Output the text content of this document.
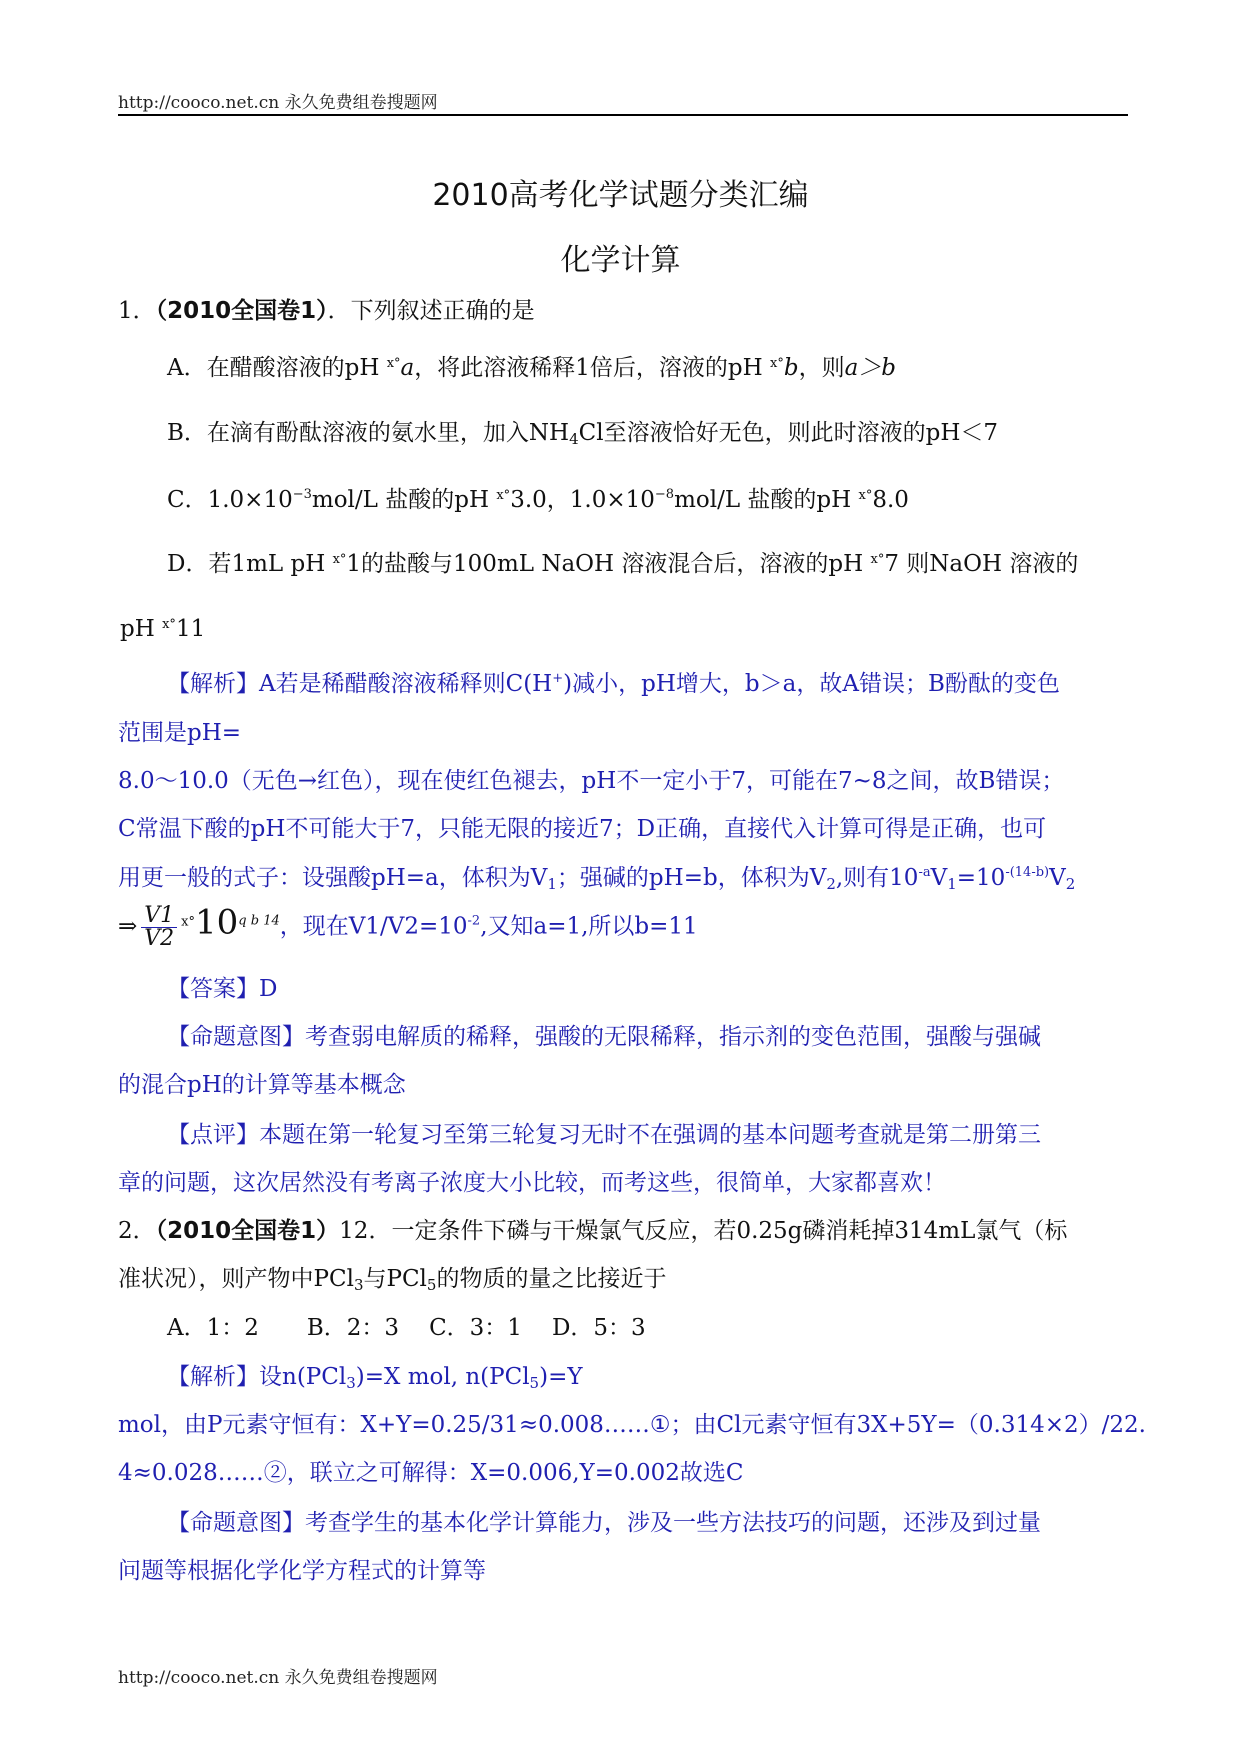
http://cooco.net.cn 永久免费组卷搜题网
2010高考化学试题分类汇编
化学计算
1．（2010全国卷1）．下列叙述正确的是
A．在醋酸溶液的pH $^{x^\circ}$a，将此溶液稀释1倍后，溶液的pH $^{x^\circ}$b，则a＞b
B．在滴有酚酞溶液的氨水里，加入$NH_4Cl$至溶液恰好无色，则此时溶液的pH＜7
C．$1.0\times 10^{-3}mol/L$ 盐酸的pH $^{x^\circ}$3.0，$1.0\times 10^{-8}mol/L$ 盐酸的pH $^{x^\circ}$8.0
D．若1mL pH $^{x^\circ}$1的盐酸与100mL NaOH 溶液混合后，溶液的pH $^{x^\circ}$7 则NaOH 溶液的
pH $^{x^\circ}$11
【解析】A若是稀醋酸溶液稀释则C(H+)减小，pH增大，b＞a，故A错误；B酚酞的变色
范围是pH=
8.0～10.0（无色→红色），现在使红色褪去，pH不一定小于7，可能在7~8之间，故B错误；
C常温下酸的pH不可能大于7，只能无限的接近7；D正确，直接代入计算可得是正确，也可
用更一般的式子：设强酸pH=a，体积为$V_1$；强碱的pH=b，体积为$V_2$,则有$10^{-a}V_1=10^{-(14-b)}V_2$
⇒ $\frac{V1}{V2} ^{x^\circ}10^{q b 14}$，现在$V1/V2=10^{-2}$,又知a=1,所以b=11
【答案】D
【命题意图】考查弱电解质的稀释，强酸的无限稀释，指示剂的变色范围，强酸与强碱
的混合pH的计算等基本概念
【点评】本题在第一轮复习至第三轮复习无时不在强调的基本问题考查就是第二册第三
章的问题，这次居然没有考离子浓度大小比较，而考这些，很简单，大家都喜欢！
2．（2010全国卷1）12．一定条件下磷与干燥氯气反应，若0.25g磷消耗掉314mL氯气（标
准状况），则产物中PCl$_3$与PCl$_5$的物质的量之比接近于
A．1：2 B．2：3 C．3：1 D．5：3
【解析】设n(PCl$_3$)=X mol, n(PCl$_5$)=Y
mol，由P元素守恒有：X+Y=0.25/31≈0.008……①；由Cl元素守恒有3X+5Y=（0.314×2）/22.
4≈0.028……②，联立之可解得：X=0.006,Y=0.002故选C
【命题意图】考查学生的基本化学计算能力，涉及一些方法技巧的问题，还涉及到过量
问题等根据化学化学方程式的计算等
http://cooco.net.cn 永久免费组卷搜题网
